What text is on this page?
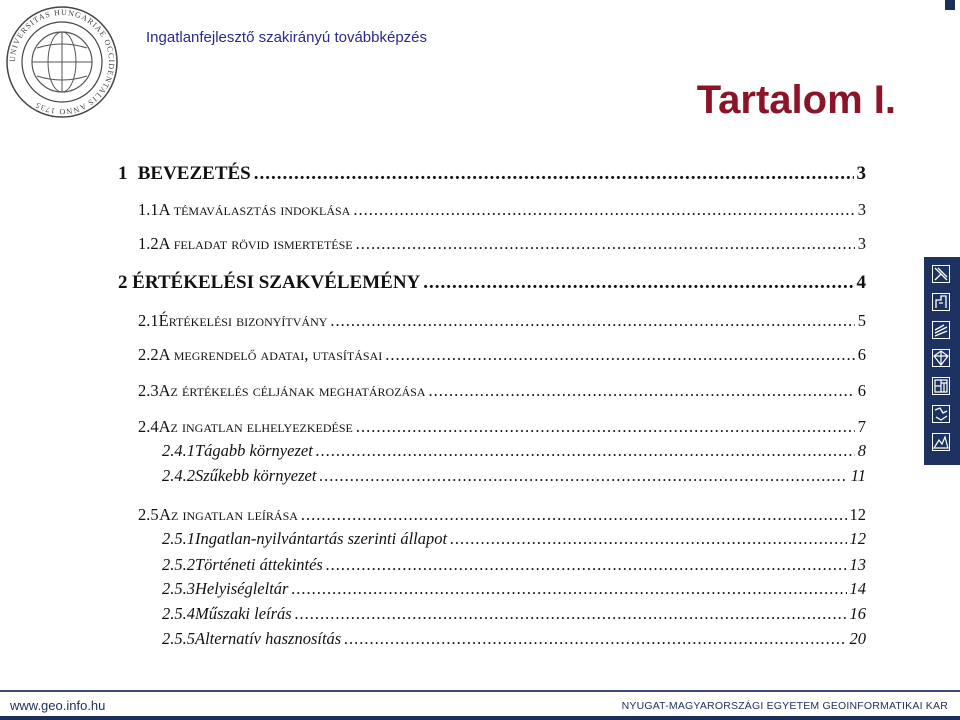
UNIVERSITAS HUNGARIAE OCCIDENTALIS ANNO 1735
Ingatlanfejlesztő szakirányú továbbképzés
Tartalom I.
1 BEVEZETÉS .....	3
1.1 A témaválasztás indoklása .....	3
1.2 A feladat rövid ismertetése .....	3
2 ÉRTÉKELÉSI SZAKVÉLEMÉNY .....	4
2.1 Értékelési bizonyítvány .....	5
2.2 A megrendelő adatai, utasításai .....	6
2.3 Az értékelés céljának meghatározása .....	6
2.4 Az ingatlan elhelyezkedése .....	7
2.4.1 Tágabb környezet .....	8
2.4.2 Szűkebb környezet .....	11
2.5 Az ingatlan leírása .....	12
2.5.1 Ingatlan-nyilvántartás szerinti állapot .....	12
2.5.2 Történeti áttekintés .....	13
2.5.3 Helyiségleltár .....	14
2.5.4 Műszaki leírás .....	16
2.5.5 Alternatív hasznosítás .....	20
www.geo.info.hu	NYUGAT-MAGYARORSZÁGI EGYETEM GEOINFORMATIKAI KAR
